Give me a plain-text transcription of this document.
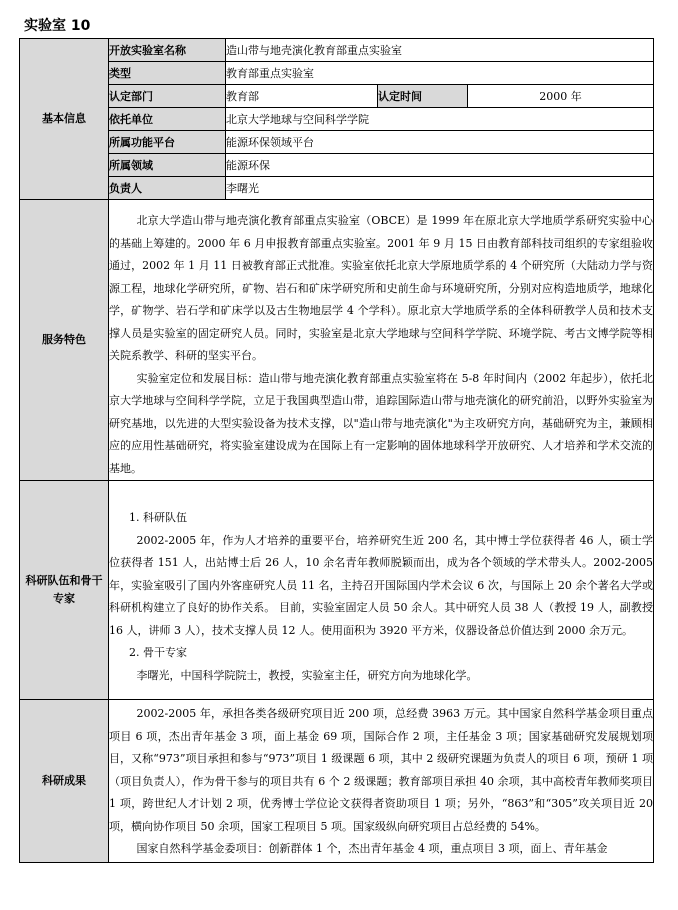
实验室 10
基本信息	开放实验室名称	造山带与地壳演化教育部重点实验室		
	类型	教育部重点实验室		
	认定部门	教育部	认定时间	2000 年
	依托单位	北京大学地球与空间科学学院		
	所属功能平台	能源环保领域平台		
	所属领域	能源环保		
	负责人	李曙光		
服务特色	北京大学造山带与地壳演化教育部重点实验室（OBCE）是 1999 年在原北京大学地质学系研究实验中心的基础上筹建的。2000 年 6 月申报教育部重点实验室。2001 年 9 月 15 日由教育部科技司组织的专家组验收通过，2002 年 1 月 11 日被教育部正式批准。实验室依托北京大学原地质学系的 4 个研究所（大陆动力学与资源工程，地球化学研究所，矿物、岩石和矿床学研究所和史前生命与环境研究所，分别对应构造地质学，地球化学，矿物学、岩石学和矿床学以及古生物地层学 4 个学科）。原北京大学地质学系的全体科研教学人员和技术支撑人员是实验室的固定研究人员。同时，实验室是北京大学地球与空间科学学院、环境学院、考古文博学院等相关院系教学、科研的坚实平台。

实验室定位和发展目标：造山带与地壳演化教育部重点实验室将在 5-8 年时间内（2002 年起步），依托北京大学地球与空间科学学院，立足于我国典型造山带，追踪国际造山带与地壳演化的研究前沿，以野外实验室为研究基地，以先进的大型实验设备为技术支撑，以"造山带与地壳演化"为主攻研究方向，基础研究为主，兼顾相应的应用性基础研究，将实验室建设成为在国际上有一定影响的固体地球科学开放研究、人才培养和学术交流的基地。			

科研队伍和骨干专家	1. 科研队伍

2002-2005 年，作为人才培养的重要平台，培养研究生近 200 名，其中博士学位获得者 46 人，硕士学位获得者 151 人，出站博士后 26 人，10 余名青年教师脱颖而出，成为各个领域的学术带头人。2002-2005 年，实验室吸引了国内外客座研究人员 11 名，主持召开国际国内学术会议 6 次，与国际上 20 余个著名大学或科研机构建立了良好的协作关系。 目前，实验室固定人员 50 余人。其中研究人员 38 人（教授 19 人，副教授 16 人，讲师 3 人），技术支撑人员 12 人。使用面积为 3920 平方米，仪器设备总价值达到 2000 余万元。

2. 骨干专家

李曙光，中国科学院院士，教授，实验室主任，研究方向为地球化学。			

科研成果	2002-2005 年，承担各类各级研究项目近 200 项，总经费 3963 万元。其中国家自然科学基金项目重点项目 6 项，杰出青年基金 3 项，面上基金 69 项，国际合作 2 项，主任基金 3 项；国家基础研究发展规划项目，又称“973”项目承担和参与“973”项目 1 级课题 6 项，其中 2 级研究课题为负责人的项目 6 项，预研 1 项（项目负责人），作为骨干参与的项目共有 6 个 2 级课题；教育部项目承担 40 余项，其中高校青年教师奖项目 1 项，跨世纪人才计划 2 项，优秀博士学位论文获得者资助项目 1 项；另外，“863”和“305”攻关项目近 20 项，横向协作项目 50 余项，国家工程项目 5 项。国家级纵向研究项目占总经费的 54%。

国家自然科学基金委项目：创新群体 1 个，杰出青年基金 4 项，重点项目 3 项，面上、青年基金			
